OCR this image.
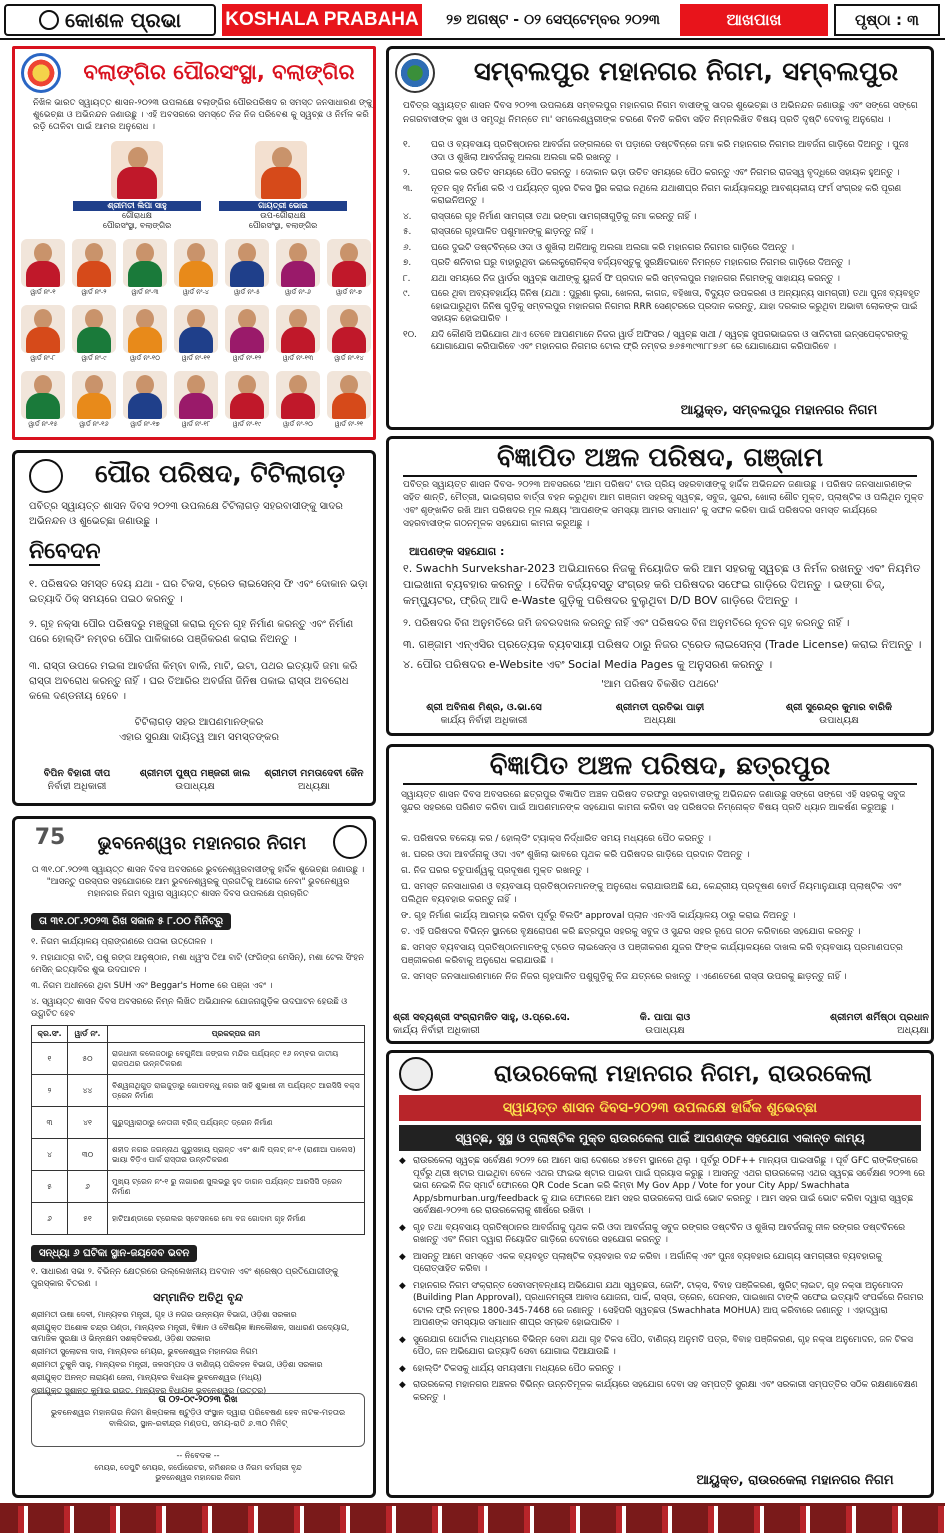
କୋଶଳ ପ୍ରଭା KOSHALA PRABAHA	୨୭ ଅଗଷ୍ଟ - ୦୨ ସେପ୍ଟେମ୍ବର ୨୦୨୩	ଆଖପାଖ	ପୃଷ୍ଠା : ୩
ବଲାଙ୍ଗିର ପୌରସଂସ୍ଥା, ବଲାଙ୍ଗିର
ନିଖିଳ ଭାରତ ସ୍ୱାୟତ୍ତ ଶାସନ-୨୦୨୩ ଉପଲକ୍ଷେ ବଲାଙ୍ଗିର ପୌରପରିଷଦ ର ସମସ୍ତ ଜନସାଧାରଣ ଙ୍କୁ ଶୁଭେଚ୍ଛା ଓ ଅଭିନନ୍ଦନ ଜଣାଉଛୁ । ଏହି ଅବସରରେ ସମସ୍ତେ ନିଜ ନିଜ ପରିବେଶ କୁ ସ୍ୱଚ୍ଛ ଓ ନିର୍ମଳ କରି ରଡ଼ି ତୋଳିବା ପାଇଁ ଆମର ଅନୁରୋଧ ।
ଶ୍ରୀମତୀ ଲିପା ସାହୁ
ଗୌରାଧକ୍ଷ
ପୌରସଂସ୍ଥା, ବଲାଙ୍ଗିର
ଗାୟତ୍ରୀ ଭୋଇ
ଉପ-ଗୌରାଧକ୍ଷ
ପୌରସଂସ୍ଥା, ବଲାଙ୍ଗିର
ୱାର୍ଡ ନଂ-୧	ୱାର୍ଡ ନଂ-୨	ୱାର୍ଡ ନଂ-୩	ୱାର୍ଡ ନଂ-୪	ୱାର୍ଡ ନଂ-୫	ୱାର୍ଡ ନଂ-୬	ୱାର୍ଡ ନଂ-୭
ୱାର୍ଡ ନଂ-୮	ୱାର୍ଡ ନଂ-୯	ୱାର୍ଡ ନଂ-୧୦	ୱାର୍ଡ ନଂ-୧୧	ୱାର୍ଡ ନଂ-୧୨	ୱାର୍ଡ ନଂ-୧୩	ୱାର୍ଡ ନଂ-୧୪
ୱାର୍ଡ ନଂ-୧୫	ୱାର୍ଡ ନଂ-୧୬	ୱାର୍ଡ ନଂ-୧୭	ୱାର୍ଡ ନଂ-୧୮	ୱାର୍ଡ ନଂ-୧୯	ୱାର୍ଡ ନଂ-୨୦	ୱାର୍ଡ ନଂ-୨୧
ପୌର ପରିଷଦ, ଟିଟିଲାଗଡ଼
ପବିତ୍ର ସ୍ୱାୟତ୍ତ ଶାସନ ଦିବସ ୨୦୨୩ ଉପଲକ୍ଷେ ଟିଟିଲାଗଡ଼ ସହରବାସୀଙ୍କୁ ସାଦର ଅଭିନନ୍ଦନ ଓ ଶୁଭେଚ୍ଛା ଜଣାଉଛୁ ।
ନିବେଦନ
୧. ପରିଷଦର ସମସ୍ତ ଦେୟ ଯଥା - ଘର ଟିକସ, ଟ୍ରେଡ ଲାଇସେନ୍ସ ଫି ଏବଂ ଦୋକାନ ଭଡ଼ା ଇତ୍ୟାଦି ଠିକ୍ ସମୟରେ ପଇଠ କରନ୍ତୁ ।
୨. ଗୃହ ନକ୍ସା ପୌର ପରିଷଦରୁ ମଞ୍ଜୁରୀ କରାଇ ନୂତନ ଗୃହ ନିର୍ମାଣ କରନ୍ତୁ ଏବଂ ନିର୍ମାଣ ପରେ ହୋଲ୍ଡିଂ ନମ୍ବର ପୌର ପାଳିକାରେ ପଞ୍ଜିକରଣ କରାଇ ନିଅନ୍ତୁ ।
୩. ରାସ୍ତା ଉପରେ ମଇଳା ଆବର୍ଜନା କିମ୍ବା ବାଲି, ମାଟି, ଇଟା, ପଥର ଇତ୍ୟାଦି ଜମା କରି ରାସ୍ତା ଅବରୋଧ କରନ୍ତୁ ନାହିଁ । ଘର ତିଆରିର ଅବର୍ଜନା ଜିନିଷ ପକାଇ ରାସ୍ତା ଅବରୋଧ କଲେ ଦଣ୍ଡନୀୟ ହେବେ ।
ଟିଟିଲାଗଡ଼ ସହର ଆପଣମାନଙ୍କର
ଏହାର ସୁରକ୍ଷା ଦାୟିତ୍ୱ ଆମ ସମସ୍ତଙ୍କର
ବିପିନ ବିହାରୀ ଦୀପ
ନିର୍ବାହୀ ଅଧିକାରୀ
ଶ୍ରୀମତୀ ପୁଷ୍ପ ମଞ୍ଜରୀ ଜାଲ
ଉପାଧ୍ୟକ୍ଷ
ଶ୍ରୀମତୀ ମମତାଦେବୀ ଜୈନ
ଅଧ୍ୟକ୍ଷା
75	ଭୁବନେଶ୍ୱର ମହାନଗର ନିଗମ
ତା ୩୧.୦୮.୨୦୨୩ ସ୍ୱାୟତ୍ତ ଶାସନ ଦିବସ ଅବସରରେ ଭୁବନେଶ୍ୱରବାସୀଙ୍କୁ ହାର୍ଦ୍ଦିକ ଶୁଭେଚ୍ଛା ଜଣାଉଛୁ । "ଆସନ୍ତୁ ପରସ୍ପର ସହଯୋଗରେ ଆମ ଭୁବନେଶ୍ୱରକୁ ପ୍ରଗତିକୁ ଆଗେଇ ନେବା" ଭୁବନେଶ୍ୱର ମହାନଗର ନିଗମ ଦ୍ୱାରା ସ୍ୱାୟତ୍ତ ଶାସନ ଦିବସ ଉପଲକ୍ଷେ ପ୍ରଚାରିତ
ତା ୩୧.୦୮.୨୦୨୩ ରିଖ ସକାଳ ୫ ୮.୦୦ ମିନିଟ୍‌ରୁ
୧. ନିଗମ କାର୍ଯ୍ୟାଳୟ ପ୍ରାଙ୍ଗଣରେ ପତାକା ଉତ୍ତୋଳନ ।
୨. ମହାଯାତ୍ରା ବାଟି, ପଶୁ ରଙ୍ଗ ଆନୁଷ୍ଠାନ, ମଶା ଧ୍ୱଂସ ତିଆ ବାଟି (ଫଗିଙ୍ଗ ମେସିନ୍), ମଶା ଟେଲ ସିଂହନ ମେସିନ୍ ଇତ୍ୟାଦିର ଶୁଭ ଉଦଘାଟନ ।
୩. ନିଗମ ଅଧୀନରେ ଥିବା SUH ଏବଂ Beggar's Home ରେ ପଞ୍ଜା ଏବଂ ।
୪. ସ୍ୱାୟତ୍ତ ଶାସନ ଦିବସ ଅବସରରେ ନିମ୍ନ ଲିଖିତ ଅଭିଯାନକ ଯୋଜନାଗୁଡ଼ିକ ଉଦଘାଟନ ହେଉଛି ଓ ଉଦ୍ଘାଟିତ ହେବ
କ୍ର.ସଂ.	ୱାର୍ଡ ନଂ.	ପ୍ରକଳ୍ପର ନାମ
୧	୫୦	ରାଜଧାନୀ କଲେଜଠାରୁ ବେଗୁନିଆ ଜଙ୍ଗଲ ମନ୍ଦିର ପର୍ଯ୍ୟନ୍ତ ୧୬ ନମ୍ବର ଜାତୀୟ ରାଜପଥର ଉନ୍ନତିକରଣ
୨	୪୪	ବିଶ୍ୱନାଥିଗୁଡ଼ ରାଇଜୁଡ଼ାରୁ ଗୋପବନ୍ଧୁ ନଗର ସାହି ଶୁଭାଷୀ ନୀ ପର୍ଯ୍ୟନ୍ତ ଆରସିସି ବକ୍ସ ଡ୍ରେନ ନିର୍ମାଣ
୩	୪୧	ଗୁରୁଦ୍ୱାରାଠାରୁ ନେତାଜୀ ବ୍ରିଜ୍ ପର୍ଯ୍ୟନ୍ତ ଡ୍ରେନ ନିର୍ମାଣ
୪	୩୦	ଶହୀଦ ନଗର ଜଗନ୍ନାଥ ଗୁରୁସହାୟ ପ୍ରାନ୍ତ ଏବଂ ଶାଳି ପ୍ଲଟ୍ ନଂ-୧ (ରାଣୀଆ ପାଲେସ) ଭାୟା ବିଡ଼ିଏ ପାର୍କ ରାସ୍ତାର ଉନ୍ନତିକରଣ
୫	୬	ମୁଖ୍ୟ ଟ୍ରେନ ନଂ-୧ ରୁ ନାଗାରଣ ସୁଲଭରୁ ହୁଦ ଡାଗନ ପର୍ଯ୍ୟନ୍ତ ଆରସିସି ଡ୍ରେନ ନିର୍ମାଣ
୬	୫୧	ହାଟିଆଣ୍ଡାରେ ଟ୍ରେଲର ସ୍ଟେସନରେ ମୋ ବଜ ଗୋଦାମ ଗୃହ ନିର୍ମାଣ
ସନ୍ଧ୍ୟା ୬ ଘଟିକା ସ୍ଥାନ-ଜୟଦେବ ଭବନ
୧. ସାଧାରଣ ସଭା ୨. ବିଭିନ୍ନ କ୍ଷେତ୍ରରେ ଉଲ୍ଲେଖନୀୟ ଅବଦାନ ଏବଂ ଶ୍ରେଷ୍ଠ ପ୍ରତିଯୋଗୀଙ୍କୁ ପୁରସ୍କାର ବିତରଣ ।
ସମ୍ମାନିତ ଅତିଥି ବୃନ୍ଦ
ଶ୍ରୀମତୀ ଉଷା ଦେବୀ, ମାନ୍ୟବର ମନ୍ତ୍ରୀ, ଗୃହ ଓ ନଗର ଉନ୍ନୟନ ବିଭାଗ, ଓଡ଼ିଶା ସରକାର
ଶ୍ରୀଯୁକ୍ତ ଅଶୋକ ଚନ୍ଦ୍ର ପଣ୍ଡା, ମାନ୍ୟବର ମନ୍ତ୍ରୀ, ବିଜ୍ଞାନ ଓ ବୈଷୟିକ ଜ୍ଞାନକୌଶଳ, ସାଧାରଣ ଉଦ୍ୟୋଗ, ସାମାଜିକ ସୁରକ୍ଷା ଓ ଭିନ୍ନକ୍ଷମ ସଶକ୍ତିକରଣ, ଓଡ଼ିଶା ସରକାର
ଶ୍ରୀମତୀ ସୁଲୋଚନା ଦାସ, ମାନ୍ୟବର ମେୟର, ଭୁବନେଶ୍ୱର ମହାନଗର ନିଗମ
ଶ୍ରୀମତୀ ତୁକୁନି ସାହୁ, ମାନ୍ୟବର ମନ୍ତ୍ରୀ, ଜଳସମ୍ପଦ ଓ ବାଣିଜ୍ୟ ପରିବହନ ବିଭାଗ, ଓଡ଼ିଶା ସରକାର
ଶ୍ରୀଯୁକ୍ତ ଅନନ୍ତ ନାରାୟଣ ଜେନା, ମାନ୍ୟବର ବିଧାୟକ ଭୁବନେଶ୍ୱର (ମଧ୍ୟ)
ଶ୍ରୀଯୁକ୍ତ ସୁଶାନ୍ତ କୁମାର ରାଉତ, ମାନ୍ୟବର ବିଧାୟକ ଭୁବନେଶ୍ୱର (ଉତ୍ତର)
ତା ୦୨-୦୯-୨୦୨୩ ରିଖ
ଭୁବନେଶ୍ୱର ମହାନଗର ନିଗମ ଶିଳ୍ପକଳା ଷ୍ଟୁଡ଼ିଓ ସଂସ୍ଥାନ ଦ୍ୱାରା ପରିବେଷଣ ହେବ ନାଟକ-ମହତାର ବାଲିଗର, ସ୍ଥାନ-ରବୀନ୍ଦ୍ର ମଣ୍ଡପ, ସମୟ-ରାତି ୬.୩୦ ମିନିଟ୍
-- ନିବେଦକ --
ମେୟର, ଡେପୁଟି ମେୟର, କର୍ପୋରେଟର, କମିଶନର ଓ ନିଗମ କର୍ମଚାରୀ ବୃନ୍ଦ ଭୁବନେଶ୍ୱର ମହାନଗର ନିଗମ
ସମ୍ବଲପୁର ମହାନଗର ନିଗମ, ସମ୍ବଲପୁର
ପବିତ୍ର ସ୍ୱାୟତ୍ତ ଶାସନ ଦିବସ ୨୦୨୩ ଉପଲକ୍ଷେ ସମ୍ବଲପୁର ମହାନଗର ନିଗମ ବାସୀଙ୍କୁ ସାଦର ଶୁଭେଚ୍ଛା ଓ ଅଭିନନ୍ଦନ ଜଣାଉଛୁ ଏବଂ ସଙ୍ଗେ ସଙ୍ଗେ ନଗରବାସୀଙ୍କ ସୁଖ ଓ ସମୃଦ୍ଧି ନିମନ୍ତେ ମା' ସମଲେଶ୍ୱରୀଙ୍କ ଚରଣେ ବିନତି କରିବା ସହିତ ନିମ୍ନଲିଖିତ ବିଷୟ ପ୍ରତି ଦୃଷ୍ଟି ଦେବାକୁ ଅନୁରୋଧ ।
୧.	ଘର ଓ ବ୍ୟବସାୟ ପ୍ରତିଷ୍ଠାନର ଆବର୍ଜନା ଜଙ୍ଗଲରେ ବା ପଡ଼ାରେ ଡଷ୍ଟବିନ୍‌ରେ ଜମା କରି ମହାନଗର ନିଗମର ଆବର୍ଜନା ଗାଡ଼ିରେ ଦିଅନ୍ତୁ । ପୁନଃ ଓଦା ଓ ଶୁଖିଲା ଆବର୍ଜନାକୁ ଅଲଗା ଅଲଗା କରି ରଖନ୍ତୁ ।
୨.	ଘରର କର ଉଚିତ ସମୟରେ ପୈଠ କରନ୍ତୁ । ଦୋକାନ ଭଡ଼ା ଉଚିତ ସମୟରେ ପୈଠ କରନ୍ତୁ ଏବଂ ନିଗମର ରାଜସ୍ୱ ବୃଦ୍ଧିରେ ସହାୟକ ହୁଅନ୍ତୁ ।
୩.	ନୂତନ ଗୃହ ନିର୍ମାଣ କରି ଏ ପର୍ଯ୍ୟନ୍ତ ଗୃହର ଟିକସ ସ୍ଥିର କରାଇ ନଥିଲେ ଯଥାଶୀଘ୍ର ନିଗମ କାର୍ଯ୍ୟାଳୟରୁ ଆବଶ୍ୟକୀୟ ଫର୍ମ ସଂଗ୍ରହ କରି ପୂରଣ କରାଇନିଅନ୍ତୁ ।
୪.	ରାସ୍ତାରେ ଗୃହ ନିର୍ମାଣ ସାମଗ୍ରୀ ତଥା ଭଙ୍ଗା ସାମଗ୍ରୀଗୁଡ଼ିକୁ ଜମା କରନ୍ତୁ ନାହିଁ ।
୫.	ରାସ୍ତାରେ ଗୃହପାଳିତ ପଶୁମାନଙ୍କୁ ଛାଡ଼ନ୍ତୁ ନାହିଁ ।
୬.	ଘରେ ଦୁଇଟି ଡଷ୍ଟବିନ୍‌ରେ ଓଦା ଓ ଶୁଖିଲା ଅଳିଆକୁ ଅଲଗା ଅଲଗା କରି ମହାନଗର ନିଗମର ଗାଡ଼ିରେ ଦିଅନ୍ତୁ ।
୭.	ପ୍ରତି ଶନିବାର ଘରୁ ବାହାରୁଥିବା ଇଲେକ୍ଟ୍ରୋନିକ୍ସ ବର୍ଜ୍ୟବସ୍ତୁକୁ ସୁରକ୍ଷିତଭାବେ ନିମନ୍ତେ ମହାନଗର ନିଗମର ଗାଡ଼ିରେ ଦିଅନ୍ତୁ ।
୮.	ଯଥା ସମୟରେ ନିଜ ୱାର୍ଡର ସ୍ୱଚ୍ଛ ସାଥୀଙ୍କୁ ୟୁଜର୍ସ ଫି ପ୍ରଦାନ କରି ସମ୍ବଲପୁର ମହାନଗର ନିଗମଙ୍କୁ ସାହାଯ୍ୟ କରନ୍ତୁ ।
୯.	ଘରେ ଥିବା ଅବ୍ୟବହାର୍ଯ୍ୟ ଜିନିଷ (ଯଥା : ପୁରୁଣା ଲୁଗା, ଖେଳନା, କାଗଜ, ବହିଖାତା, ବିଦ୍ୟୁତ ଉପକରଣ ଓ ଅନ୍ୟାନ୍ୟ ସାମଗ୍ରୀ) ତଥା ପୁନଃ ବ୍ୟବହୃତ ହୋଇପାରୁଥିବା ଜିନିଷ ଗୁଡ଼ିକୁ ସମ୍ବଲପୁର ମହାନଗର ନିଗମର RRR ସେଣ୍ଟରରେ ପ୍ରଦାନ କରନ୍ତୁ, ଯାହା ଦରକାର କରୁଥିବା ଅଭାବୀ ଲୋକଙ୍କ ପାଇଁ ସହାୟକ ହୋଇପାରିବ ।
୧୦.	ଯଦି କୌଣସି ଅଭିଯୋଗ ଥାଏ ତେବେ ଆପଣମାନେ ନିଜର ୱାର୍ଡ ଅଫିସର / ସ୍ୱଚ୍ଛ ସାଥୀ / ସ୍ୱଚ୍ଛ ସୁପରଭାଇଜର ଓ ସାନିଟାରୀ ଇନ୍‌ସପେକ୍ଟରଙ୍କୁ ଯୋଗାଯୋଗ କରିପାରିବେ ଏବଂ ମହାନଗର ନିଗମର ଟୋଲ ଫ୍ରି ନମ୍ବର ୭୬୫୩୯୩୮୮୭୬୮ ରେ ଯୋଗାଯୋଗ କରିପାରିବେ ।
ଆୟୁକ୍ତ, ସମ୍ବଲପୁର ମହାନଗର ନିଗମ
ବିଜ୍ଞାପିତ ଅଞ୍ଚଳ ପରିଷଦ, ଗଞ୍ଜାମ
ପବିତ୍ର ସ୍ୱାୟତ୍ତ ଶାସନ ଦିବସ- ୨୦୨୩ ଅବସରରେ 'ଆମ ପରିଷଦ' ଟାଉ ପ୍ରିୟ ସହରବାସୀଙ୍କୁ ହାର୍ଦ୍ଦିକ ଅଭିନନ୍ଦନ ଜଣାଉଛୁ । ପରିଷଦ ଜନସାଧାରଣଙ୍କ ସହିତ ଶାନ୍ତି, ମୈତ୍ରୀ, ଭାଇଚାରାର ବାର୍ତ୍ତା ବହନ କରୁଥିବା ଆମ ଗଞ୍ଜାମ ସହରକୁ ସ୍ୱଚ୍ଛ, ସବୁଜ, ସୁନ୍ଦର, ଖୋଲା ଶୌଚ ମୁକ୍ତ, ପ୍ଲାଷ୍ଟିକ ଓ ପଲିଥିନ ମୁକ୍ତ ଏବଂ ଶୃଙ୍ଖଳିତ ରଖି ଆମ ପରିଷଦର ମୂଳ ଲକ୍ଷ୍ୟ 'ଆପଣଙ୍କ ସମସ୍ୟା ଆମର ସମାଧାନ' କୁ ସଫଳ କରିବା ପାଇଁ ପରିଷଦର ସମସ୍ତ କାର୍ଯ୍ୟରେ ସହରବାସୀଙ୍କ ଗଠନମୂଳକ ସହଯୋଗ କାମନା କରୁଅଛୁ ।
ଆପଣଙ୍କ ସହଯୋଗ :
୧. Swachh Survekshar-2023 ଅଭିଯାନରେ ନିଜକୁ ନିୟୋଜିତ କରି ଆମ ସହରକୁ ସ୍ୱଚ୍ଛ ଓ ନିର୍ମଳ ରଖନ୍ତୁ ଏବଂ ନିୟମିତ ପାଇଖାନା ବ୍ୟବହାର କରନ୍ତୁ । ଦୈନିକ ବର୍ଜ୍ୟବସ୍ତୁ ସଂଗ୍ରହ କରି ପରିଷଦର ସଫେଇ ଗାଡ଼ିରେ ଦିଅନ୍ତୁ । ଭଙ୍ଗା ଚିଜ୍, କମ୍ପ୍ୟୁଟର, ଫ୍ରିଜ୍ ଆଦି e-Waste ଗୁଡ଼ିକୁ ପରିଷଦର ବୁଲୁଥିବା D/D BOV ଗାଡ଼ିରେ ଦିଅନ୍ତୁ ।
୨. ପରିଷଦର ବିନା ଅନୁମତିରେ ଜମି ଜବରଦଖଲ କରନ୍ତୁ ନାହିଁ ଏବଂ ପରିଷଦର ବିନା ଅନୁମତିରେ ନୂତନ ଗୃହ କରନ୍ତୁ ନାହିଁ ।
୩. ଗଞ୍ଜାମ ଏନ୍‌ଏସିର ପ୍ରତ୍ୟେକ ବ୍ୟବସାୟୀ ପରିଷଦ ଠାରୁ ନିଜର ଟ୍ରେଡ ଲାଇସେନ୍ସ (Trade License) କରାଇ ନିଅନ୍ତୁ ।
୪. ପୌର ପରିଷଦର e-Website ଏବଂ Social Media Pages କୁ ଅନୁସରଣ କରନ୍ତୁ ।
'ଆମ ପରିଷଦ ବିକଶିତ ପଥରେ'
ଶ୍ରୀ ଅବିନାଶ ମିଶ୍ର, ଓ.ଭା.ସେ
କାର୍ଯ୍ୟ ନିର୍ବାହୀ ଅଧିକାରୀ
ଶ୍ରୀମତୀ ପ୍ରତିଭା ପାଢ଼ୀ
ଅଧ୍ୟକ୍ଷା
ଶ୍ରୀ ସୁରେନ୍ଦ୍ର କୁମାର ବାରିକି
ଉପାଧ୍ୟକ୍ଷ
ବିଜ୍ଞାପିତ ଅଞ୍ଚଳ ପରିଷଦ, ଛତ୍ରପୁର
ସ୍ୱାୟତ୍ତ ଶାସନ ଦିବସ ଅବସରରେ ଛତ୍ରପୁର ବିଜ୍ଞାପିତ ଅଞ୍ଚଳ ପରିଷଦ ତରଫରୁ ସହରବାସୀଙ୍କୁ ଅଭିନନ୍ଦନ ଜଣାଉଛୁ ସଙ୍ଗେ ସଙ୍ଗେ ଏହି ସହରକୁ ସବୁଜ ସୁନ୍ଦର ସହରରେ ପରିଣତ କରିବା ପାଇଁ ଆପଣମାନଙ୍କ ସହଯୋଗ କାମନା କରିବା ସହ ପରିଷଦର ନିମ୍ନୋକ୍ତ ବିଷୟ ପ୍ରତି ଧ୍ୟାନ ଆକର୍ଷଣ କରୁଅଛୁ ।
କ. ପରିଷଦର ବକେୟା କର / ହୋଲ୍ଡିଂ ଟ୍ୟାକ୍ସ ନିର୍ଦ୍ଧାରିତ ସମୟ ମଧ୍ୟରେ ପୈଠ କରନ୍ତୁ ।
ଖ. ଘରର ଓଦା ଆବର୍ଜନାକୁ ଓଦା ଏବଂ ଶୁଖିଲା ଭାବରେ ପୃଥକ କରି ପରିଷଦର ଗାଡ଼ିରେ ପ୍ରଦାନ ଦିଅନ୍ତୁ ।
ଗ. ନିଜ ଘରର ଚତୁପାର୍ଶ୍ୱକୁ ପ୍ରଦୂଷଣ ମୁକ୍ତ ରଖନ୍ତୁ ।
ଘ. ସମସ୍ତ ଜନସାଧାରଣ ଓ ବ୍ୟବସାୟ ପ୍ରତିଷ୍ଠାନମାନଙ୍କୁ ଅନୁରୋଧ କରାଯାଉଅଛି ଯେ, କେନ୍ଦ୍ରୀୟ ପ୍ରଦୂଷଣ ବୋର୍ଡ ନିୟମାନୁଯାୟୀ ପ୍ଲାଷ୍ଟିକ ଏବଂ ପଲିଥିନ ବ୍ୟବହାର କରନ୍ତୁ ନାହିଁ ।
ଙ. ଗୃହ ନିର୍ମାଣ କାର୍ଯ୍ୟ ଆରମ୍ଭ କରିବା ପୂର୍ବରୁ ବିଲଡିଂ approval ପ୍ଲାନ ଏନଏସି କାର୍ଯ୍ୟାଳୟ ଠାରୁ କରାଇ ନିଅନ୍ତୁ ।
ଚ. ଏହି ପରିଷଦର ବିଭିନ୍ନ ସ୍ଥାନରେ ବୃକ୍ଷରୋପଣ କରି ଛତ୍ରପୁର ସହରକୁ ସବୁଜ ଓ ସୁନ୍ଦର ସହର ରୂପେ ଗଠନ କରିବାରେ ସହଯୋଗ କରନ୍ତୁ ।
ଛ. ସମସ୍ତ ବ୍ୟବସାୟ ପ୍ରତିଷ୍ଠାନମାନଙ୍କୁ ଟ୍ରେଡ ଲାଇସେନ୍ସ ଓ ପଞ୍ଜୀକରଣ ଯୁଜର ଫିଙ୍କ କାର୍ଯ୍ୟାଳୟରେ ଦାଖଲ କରି ବ୍ୟବସାୟ ପ୍ରମାଣପତ୍ର ପଞ୍ଜୀକରଣ କରିବାକୁ ଅନୁରୋଧ କରାଯାଉଛି ।
ଜ. ସମସ୍ତ ଜନସାଧାରଣମାନେ ନିଜ ନିଜର ଗୃହପାଳିତ ପଶୁଗୁଡ଼ିକୁ ନିଜ ଯତ୍ନରେ ରଖନ୍ତୁ । ଏଣେତେଣେ ରାସ୍ତା ଉପରକୁ ଛାଡ଼ନ୍ତୁ ନାହିଁ ।
ଶ୍ରୀ ସବ୍ୟଶ୍ରୀ ସଂଗ୍ରାମଜିତ ସାହୁ, ଓ.ପ୍ରେ.ସେ.
କାର୍ଯ୍ୟ ନିର୍ବାହୀ ଅଧିକାରୀ
କି. ପାପା ରାଓ
ଉପାଧ୍ୟକ୍ଷ
ଶ୍ରୀମତୀ ଶର୍ମିଷ୍ଠା ପ୍ରଧାନ
ଅଧ୍ୟକ୍ଷା
ରାଉରକେଲା ମହାନଗର ନିଗମ, ରାଉରକେଲା
ସ୍ୱାୟତ୍ତ ଶାସନ ଦିବସ-୨୦୨୩ ଉପଲକ୍ଷେ ହାର୍ଦ୍ଦିକ ଶୁଭେଚ୍ଛା
ସ୍ୱଚ୍ଛ, ସୁସ୍ଥ ଓ ପ୍ଲାଷ୍ଟିକ ମୁକ୍ତ ରାଉରକେଲା ପାଇଁ ଆପଣଙ୍କ ସହଯୋଗ ଏକାନ୍ତ କାମ୍ୟ
◆ ରାଉରକେଲା ସ୍ୱଚ୍ଛ ସର୍ବେକ୍ଷଣ ୨୦୨୨ ରେ ଆମେ ସାରା ଦେଶରେ ୪୫ତମ ସ୍ଥାନରେ ଥିଲୁ । ପୂର୍ବରୁ ODF++ ମାନ୍ୟତା ପାଇସାରିଛୁ । ପୂର୍ବ GFC ରାଙ୍କିଙ୍ଗରେ ପୂର୍ବରୁ ଥ୍ରୀ ଷ୍ଟାର ପାଇଥିବା ବେଳେ ଏଥର ଫାଇଭ ଷ୍ଟାର ପାଇବା ପାଇଁ ପ୍ରୟାସ କରୁଛୁ । ଆସନ୍ତୁ ଏଥର ରାଉରକେଲା ଏଥର ସ୍ୱଚ୍ଛ ସର୍ବେକ୍ଷଣ ୨୦୨୩ ରେ ଭାଗ ନେଇକି ନିଜ ସ୍ମାର୍ଟ ଫୋନରେ QR Code Scan କରି କିମ୍ବା My Gov App / Vote for your City App/ Swachhata App/sbmurban.urg/feedback କୁ ଯାଇ ଫୋନରେ ଆମ ସହର ରାଉରକେଲା ପାଇଁ ଭୋଟ କରନ୍ତୁ । ଆମ ସହର ପାଇଁ ଭୋଟ କରିବା ଦ୍ୱାରା ସ୍ୱଚ୍ଛ ସର୍ବେକ୍ଷଣ-୨୦୨୩ ରେ ରାଉରକେଲାକୁ ଶୀର୍ଷରେ ରଖିବା ।
◆ ଗୃହ ତଥା ବ୍ୟବସାୟ ପ୍ରତିଷ୍ଠାନର ଆବର୍ଜନାକୁ ପୃଥକ କରି ଓଦା ଆବର୍ଜନାକୁ ସବୁଜ ରଙ୍ଗର ଡଷ୍ଟବିନ ଓ ଶୁଖିଲା ଆବର୍ଜନାକୁ ନୀଳ ରଙ୍ଗର ଡଷ୍ଟବିନରେ ରଖନ୍ତୁ ଏବଂ ନିଗମ ଦ୍ୱାରା ନିୟୋଜିତ ଗାଡ଼ିରେ ଦେବାରେ ସହଯୋଗ କରନ୍ତୁ ।
◆ ଆସନ୍ତୁ ଆମେ ସମସ୍ତେ ଏକକ ବ୍ୟବହୃତ ପ୍ଲାଷ୍ଟିକ ବ୍ୟବହାର ବନ୍ଦ କରିବା । ଅର୍ଗାନିକ୍ ଏବଂ ପୁନଃ ବ୍ୟବହାର ଯୋଗ୍ୟ ସାମଗ୍ରୀର ବ୍ୟବହାରକୁ ପ୍ରୋତ୍ସାହିତ କରିବା ।
◆ ମହାନଗର ନିଗମ ସଂକ୍ରାନ୍ତ ସେବାସମ୍ବନ୍ଧୀୟ ଅଭିଯୋଗ ଯଥା ସ୍ୱଚ୍ଛତା, ଜୋନିଂ, ଟାକ୍ସ, ବିବାହ ପଞ୍ଜିକରଣ, ଷ୍ଟ୍ରିଟ୍ ଲାଇଟ, ଗୃହ ନକ୍ସା ଅନୁମୋଦନ (Building Plan Approval), ପ୍ରଧାନମନ୍ତ୍ରୀ ଆବାସ ଯୋଜନା, ପାର୍କ, ରାସ୍ତା, ଡ୍ରେନ, ପେନସନ, ପାଇଖାନା ଟାଙ୍କି ସଫେଇ ଇତ୍ୟାଦି ସଂପର୍କରେ ନିଗମର ଟୋଲ ଫ୍ରି ନମ୍ବର 1800-345-7468 ରେ ଜଣାନ୍ତୁ । ସେହିପରି ସ୍ୱଚ୍ଛତା (Swachhata MOHUA) ଆପ୍ କରିବାରେ ଜଣାନ୍ତୁ । ଏହାଦ୍ୱାରା ଆପଣଙ୍କ ସମସ୍ୟାର ସମାଧାନ ଶୀଘ୍ର ସମ୍ଭବ ହୋଇପାରିବ ।
◆ ସୁରେଯାଗ ପୋର୍ଟାଲ ମାଧ୍ୟମରେ ବିଭିନ୍ନ ସେବା ଯଥା ଗୃହ ଟିକସ ପୈଠ, ବାଣିଜ୍ୟ ଅନୁମତି ପତ୍ର, ବିବାହ ପଞ୍ଜିକରଣ, ଗୃହ ନକ୍ସା ଅନୁମୋଦନ, ଜଳ ଟିକସ ପୈଠ, ଜନ ଅଭିଯୋଗ ଇତ୍ୟାଦି ସେବା ଯୋଗାଇ ଦିଆଯାଉଛି ।
◆ ହୋଲ୍ଡିଂ ଟିକସକୁ ଧାର୍ଯ୍ୟ ସମୟସୀମା ମଧ୍ୟରେ ପୈଠ କରନ୍ତୁ ।
◆ ରାଉରକେଲା ମହାନଗର ଅଞ୍ଚଳର ବିଭିନ୍ନ ଉନ୍ନତିମୂଳକ କାର୍ଯ୍ୟରେ ସହଯୋଗ ଦେବା ସହ ସମ୍ପତ୍ତି ସୁରକ୍ଷା ଏବଂ ସରକାରୀ ସମ୍ପତ୍ତିର ସଠିକ ରକ୍ଷଣାବେକ୍ଷଣ କରନ୍ତୁ ।
ଆୟୁକ୍ତ, ରାଉରକେଲା ମହାନଗର ନିଗମ
